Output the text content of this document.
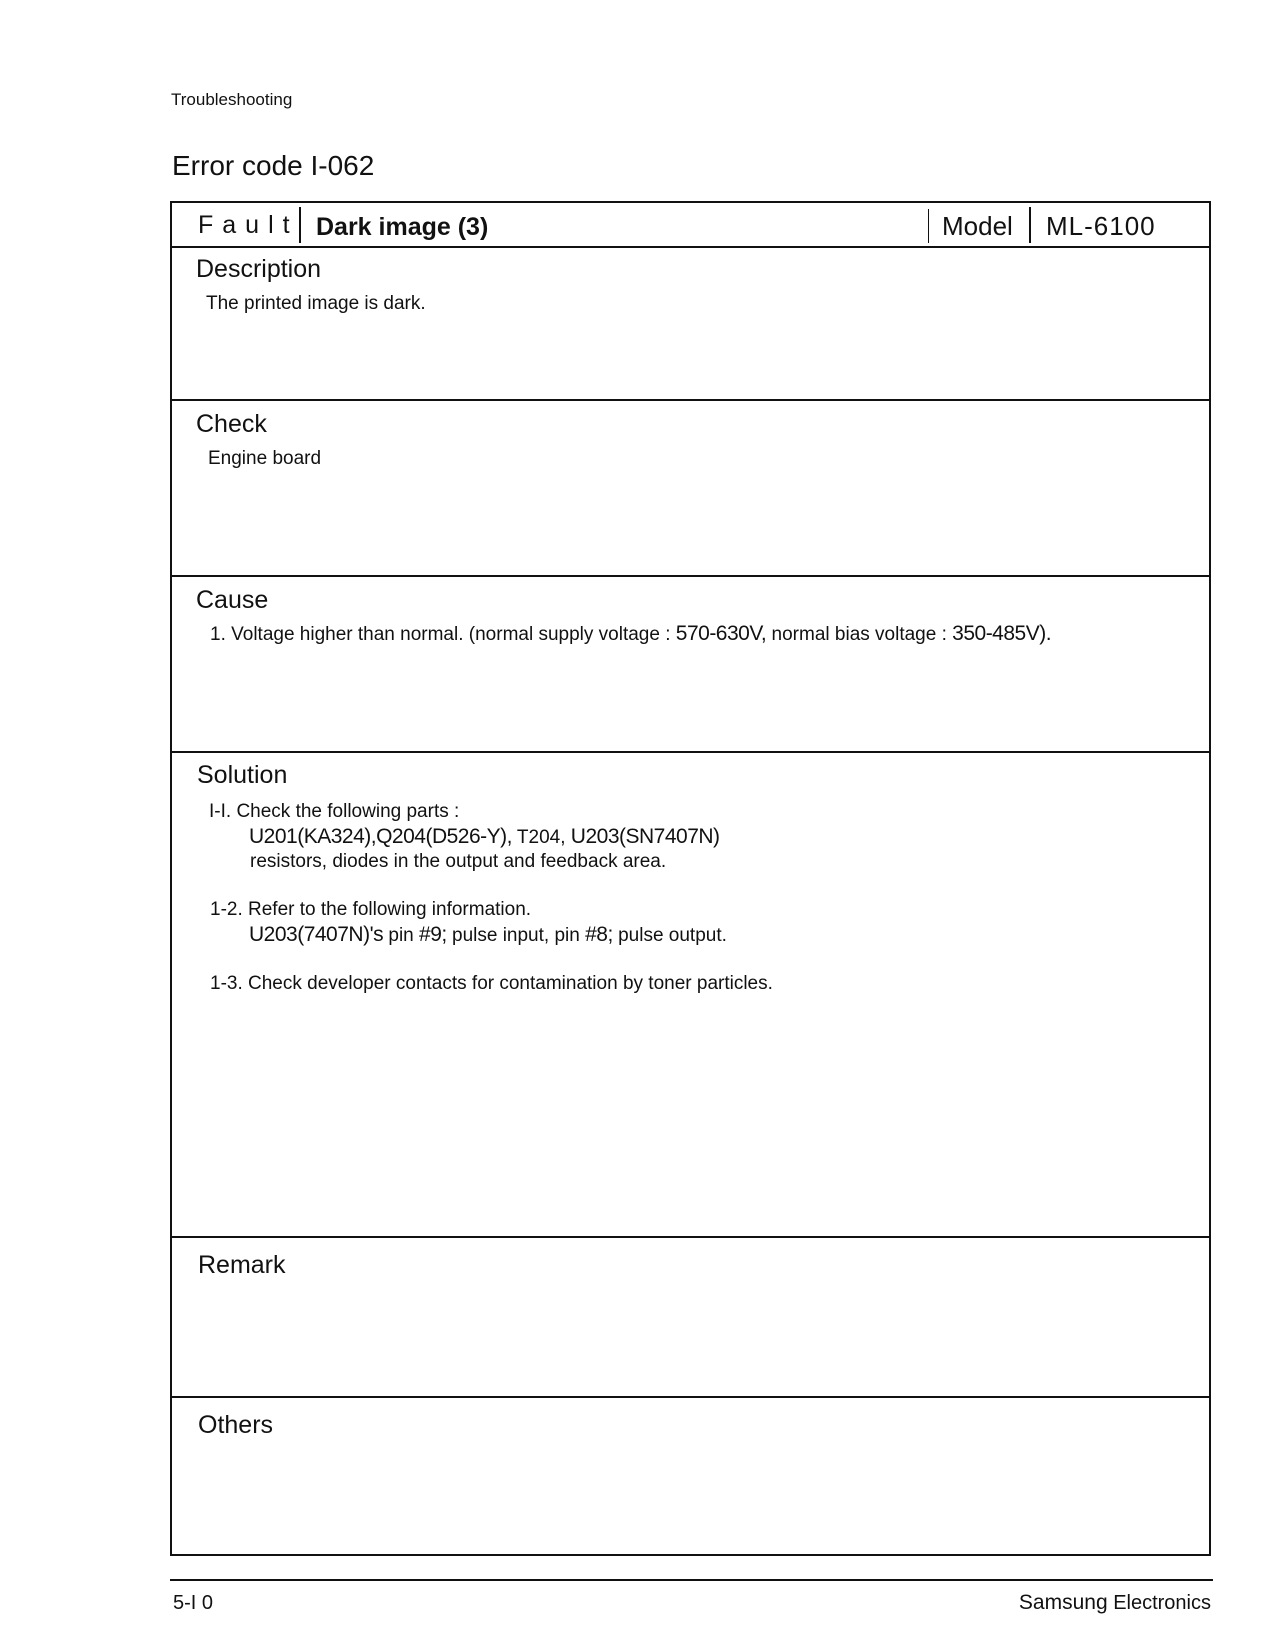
Troubleshooting
Error code I-062
Fault Dark image (3)	Model ML-6100
Description
The printed image is dark.
Check
Engine board
Cause
1. Voltage higher than normal. (normal supply voltage : 570-630V, normal bias voltage : 350-485V).
Solution
I-I. Check the following parts :
U201(KA324),Q204(D526-Y), T204, U203(SN7407N)
resistors, diodes in the output and feedback area.
1-2. Refer to the following information.
U203(7407N)'s pin #9; pulse input, pin #8; pulse output.
1-3. Check developer contacts for contamination by toner particles.
Remark
Others
5-I 0	Samsung Electronics
